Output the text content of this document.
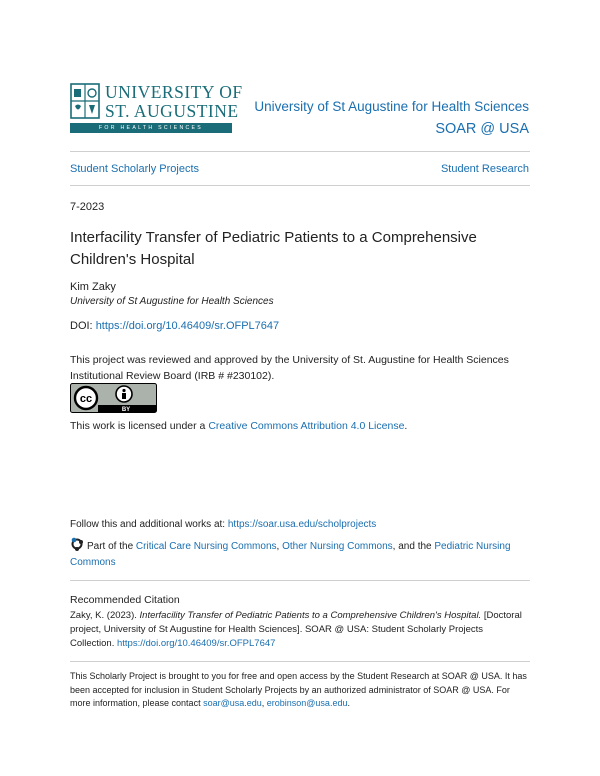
UNIVERSITY OF
ST. AUGUSTINE
FOR HEALTH SCIENCES
University of St Augustine for Health Sciences
SOAR @ USA
Student Scholarly Projects	Student Research
7-2023
Interfacility Transfer of Pediatric Patients to a Comprehensive Children's Hospital
Kim Zaky
University of St Augustine for Health Sciences
DOI: https://doi.org/10.46409/sr.OFPL7647
This project was reviewed and approved by the University of St. Augustine for Health Sciences Institutional Review Board (IRB # #230102).
cc
BY
This work is licensed under a Creative Commons Attribution 4.0 License.
Follow this and additional works at: https://soar.usa.edu/scholprojects
Part of the Critical Care Nursing Commons, Other Nursing Commons, and the Pediatric Nursing Commons
Recommended Citation
Zaky, K. (2023). Interfacility Transfer of Pediatric Patients to a Comprehensive Children's Hospital. [Doctoral project, University of St Augustine for Health Sciences]. SOAR @ USA: Student Scholarly Projects Collection. https://doi.org/10.46409/sr.OFPL7647
This Scholarly Project is brought to you for free and open access by the Student Research at SOAR @ USA. It has been accepted for inclusion in Student Scholarly Projects by an authorized administrator of SOAR @ USA. For more information, please contact soar@usa.edu, erobinson@usa.edu.
